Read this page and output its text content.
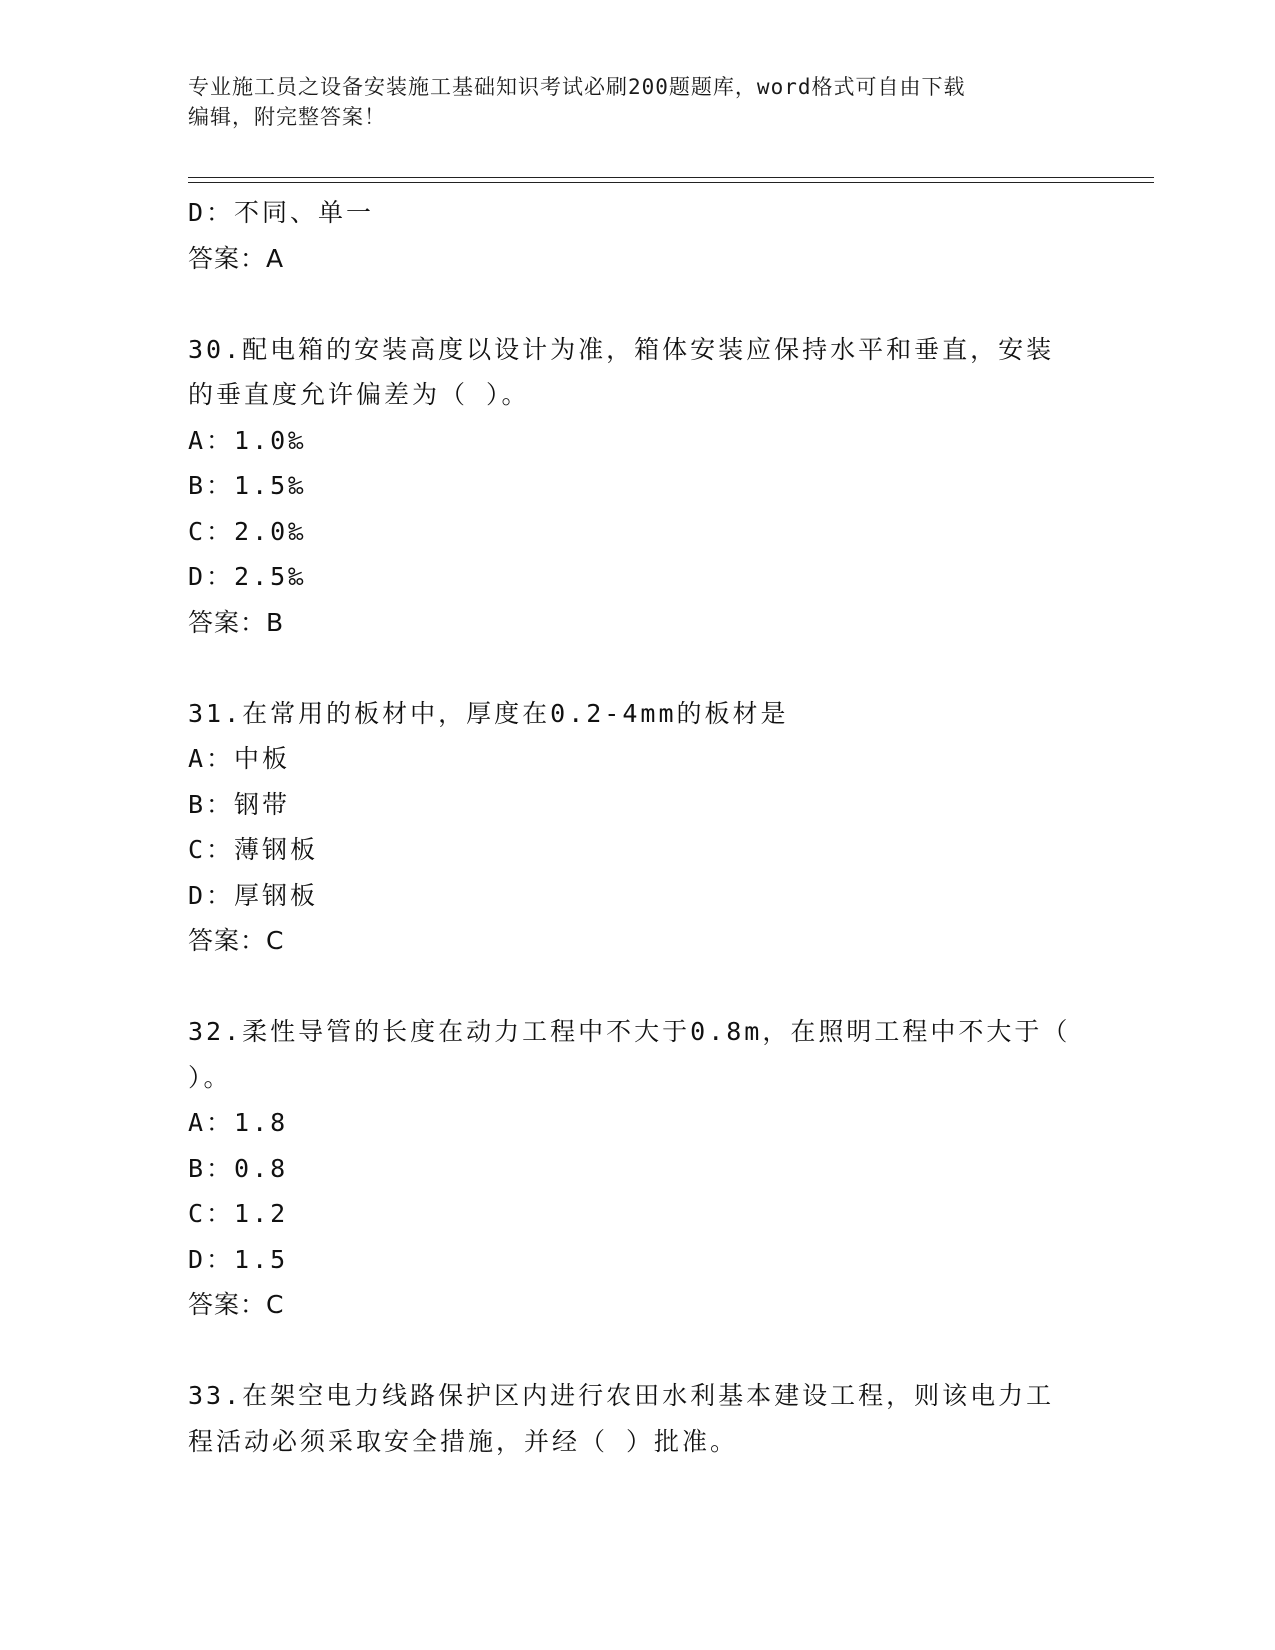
专业施工员之设备安装施工基础知识考试必刷200题题库，word格式可自由下载
编辑，附完整答案！
D：不同、单一
答案：A
30.配电箱的安装高度以设计为准，箱体安装应保持水平和垂直，安装
的垂直度允许偏差为（ ）。
A：1.0‰
B：1.5‰
C：2.0‰
D：2.5‰
答案：B
31.在常用的板材中，厚度在0.2-4mm的板材是
A：中板
B：钢带
C：薄钢板
D：厚钢板
答案：C
32.柔性导管的长度在动力工程中不大于0.8m，在照明工程中不大于（
）。
A：1.8
B：0.8
C：1.2
D：1.5
答案：C
33.在架空电力线路保护区内进行农田水利基本建设工程，则该电力工
程活动必须采取安全措施，并经（ ）批准。
